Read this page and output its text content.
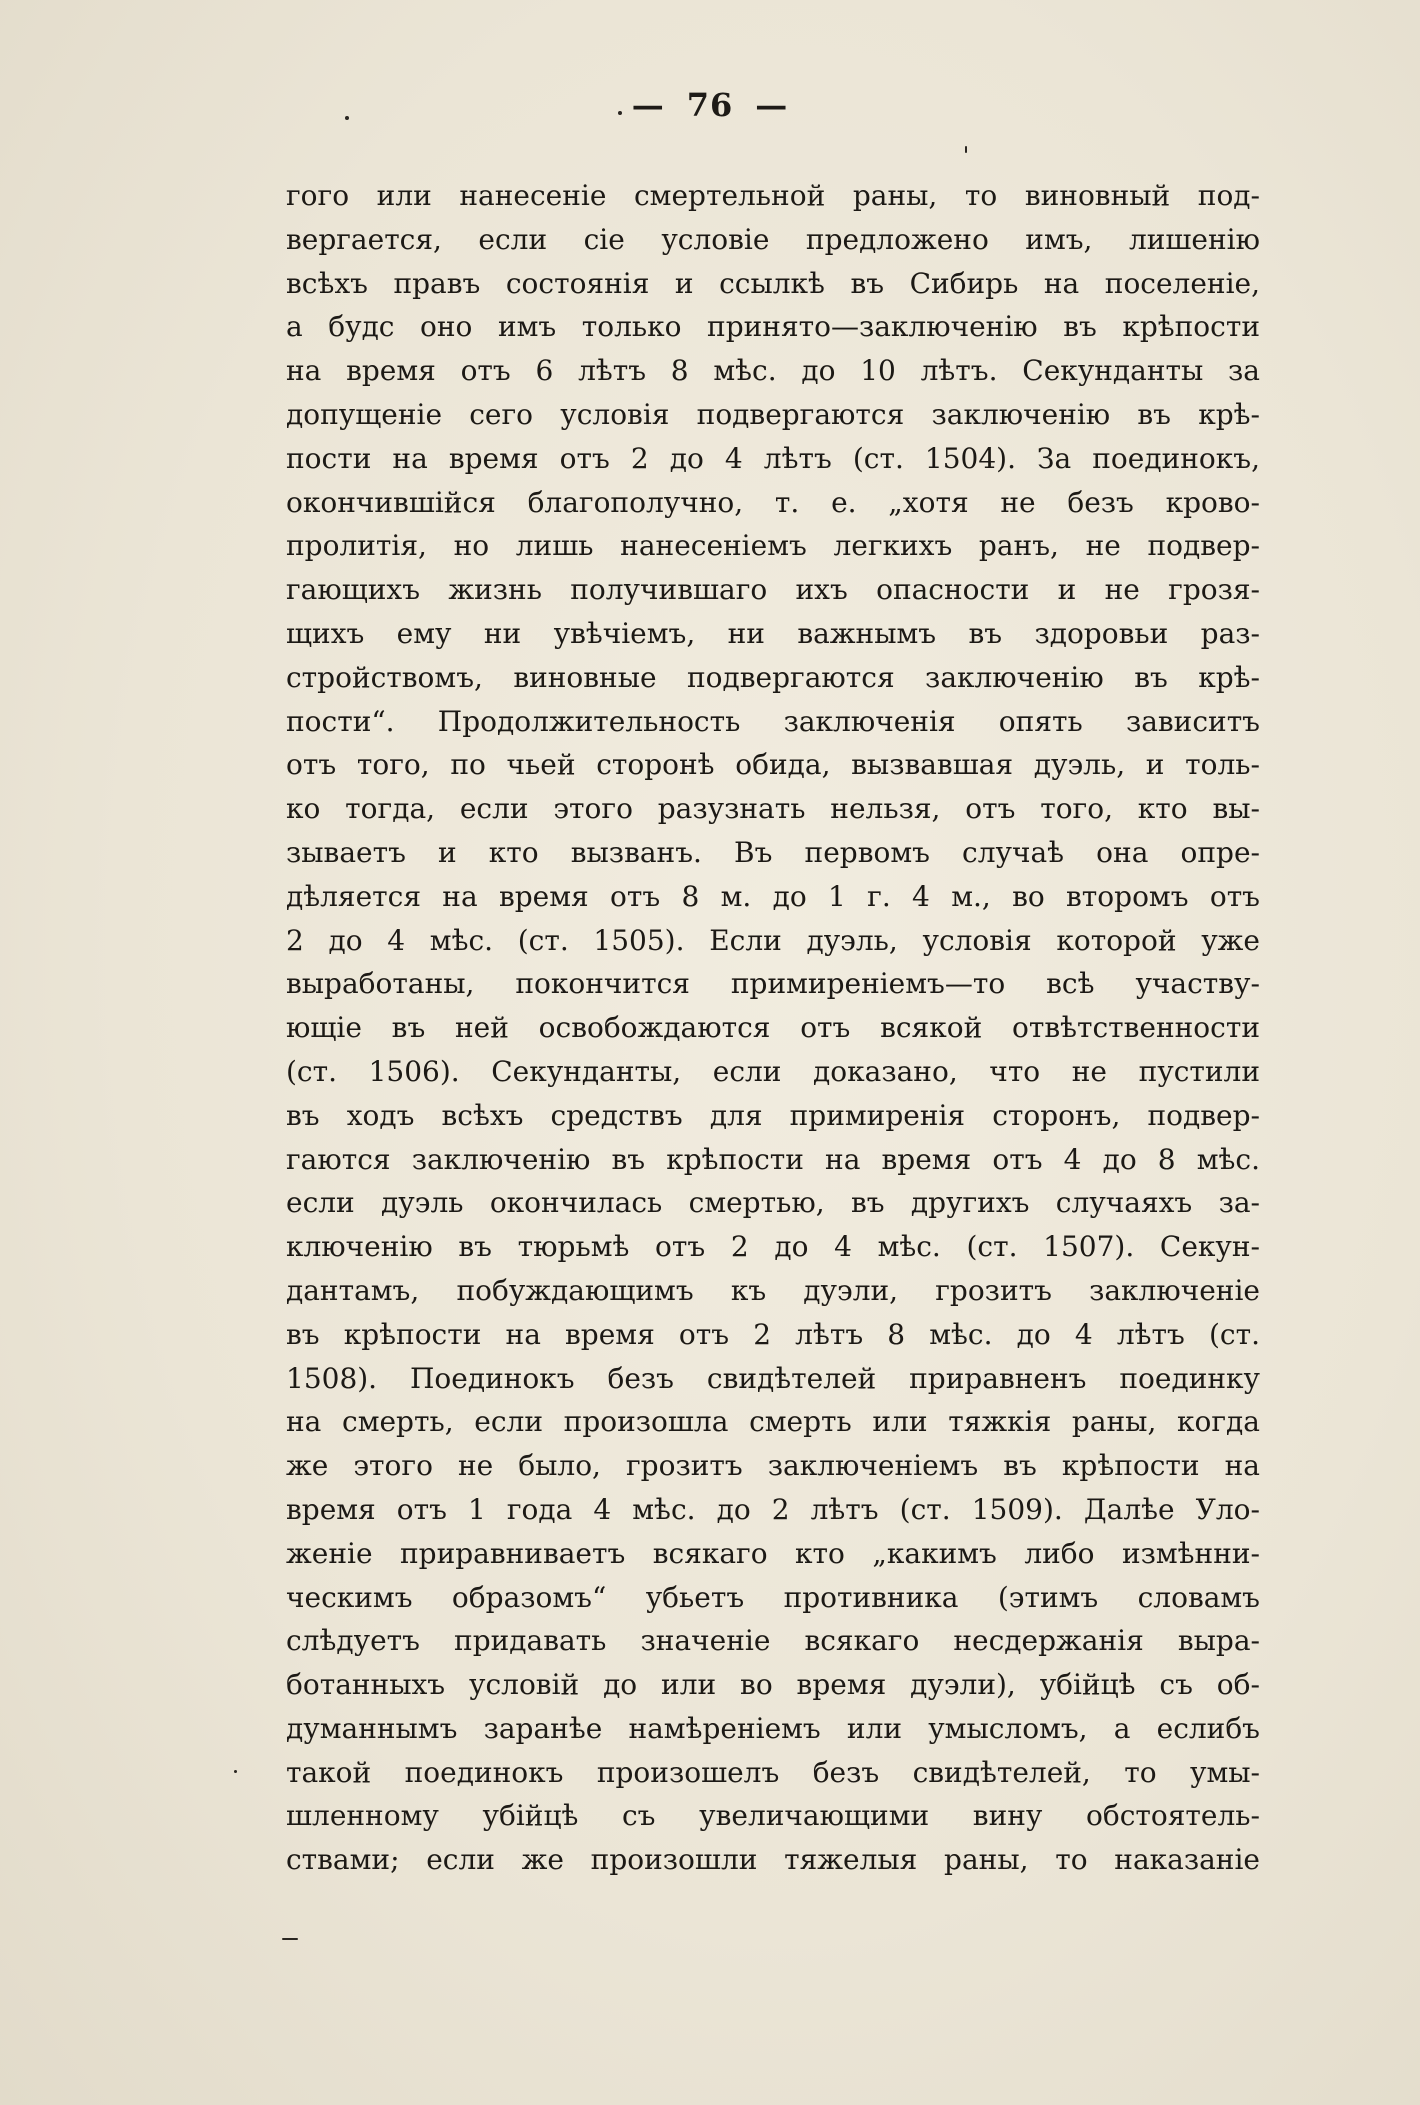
— 76 —
гого или нанесеніе смертельной раны, то виновный под-
вергается, если сіе условіе предложено имъ, лишенію
всѣхъ правъ состоянія и ссылкѣ въ Сибирь на поселеніе,
а будс оно имъ только принято—заключенію въ крѣпости
на время отъ 6 лѣтъ 8 мѣс. до 10 лѣтъ. Секунданты за
допущеніе сего условія подвергаются заключенію въ крѣ-
пости на время отъ 2 до 4 лѣтъ (ст. 1504). За поединокъ,
окончившійся благополучно, т. е. „хотя не безъ крово-
пролитія, но лишь нанесеніемъ легкихъ ранъ, не подвер-
гающихъ жизнь получившаго ихъ опасности и не грозя-
щихъ ему ни увѣчіемъ, ни важнымъ въ здоровьи раз-
стройствомъ, виновные подвергаются заключенію въ крѣ-
пости“. Продолжительность заключенія опять зависитъ
отъ того, по чьей сторонѣ обида, вызвавшая дуэль, и толь-
ко тогда, если этого разузнать нельзя, отъ того, кто вы-
зываетъ и кто вызванъ. Въ первомъ случаѣ она опре-
дѣляется на время отъ 8 м. до 1 г. 4 м., во второмъ отъ
2 до 4 мѣс. (ст. 1505). Если дуэль, условія которой уже
выработаны, покончится примиреніемъ—то всѣ участву-
ющіе въ ней освобождаются отъ всякой отвѣтственности
(ст. 1506). Секунданты, если доказано, что не пустили
въ ходъ всѣхъ средствъ для примиренія сторонъ, подвер-
гаются заключенію въ крѣпости на время отъ 4 до 8 мѣс.
если дуэль окончилась смертью, въ другихъ случаяхъ за-
ключенію въ тюрьмѣ отъ 2 до 4 мѣс. (ст. 1507). Секун-
дантамъ, побуждающимъ къ дуэли, грозитъ заключеніе
въ крѣпости на время отъ 2 лѣтъ 8 мѣс. до 4 лѣтъ (ст.
1508). Поединокъ безъ свидѣтелей приравненъ поединку
на смерть, если произошла смерть или тяжкія раны, когда
же этого не было, грозитъ заключеніемъ въ крѣпости на
время отъ 1 года 4 мѣс. до 2 лѣтъ (ст. 1509). Далѣе Уло-
женіе приравниваетъ всякаго кто „какимъ либо измѣнни-
ческимъ образомъ“ убьетъ противника (этимъ словамъ
слѣдуетъ придавать значеніе всякаго несдержанія выра-
ботанныхъ условій до или во время дуэли), убійцѣ съ об-
думаннымъ заранѣе намѣреніемъ или умысломъ, а еслибъ
такой поединокъ произошелъ безъ свидѣтелей, то умы-
шленному убійцѣ съ увеличающими вину обстоятель-
ствами; если же произошли тяжелыя раны, то наказаніе
